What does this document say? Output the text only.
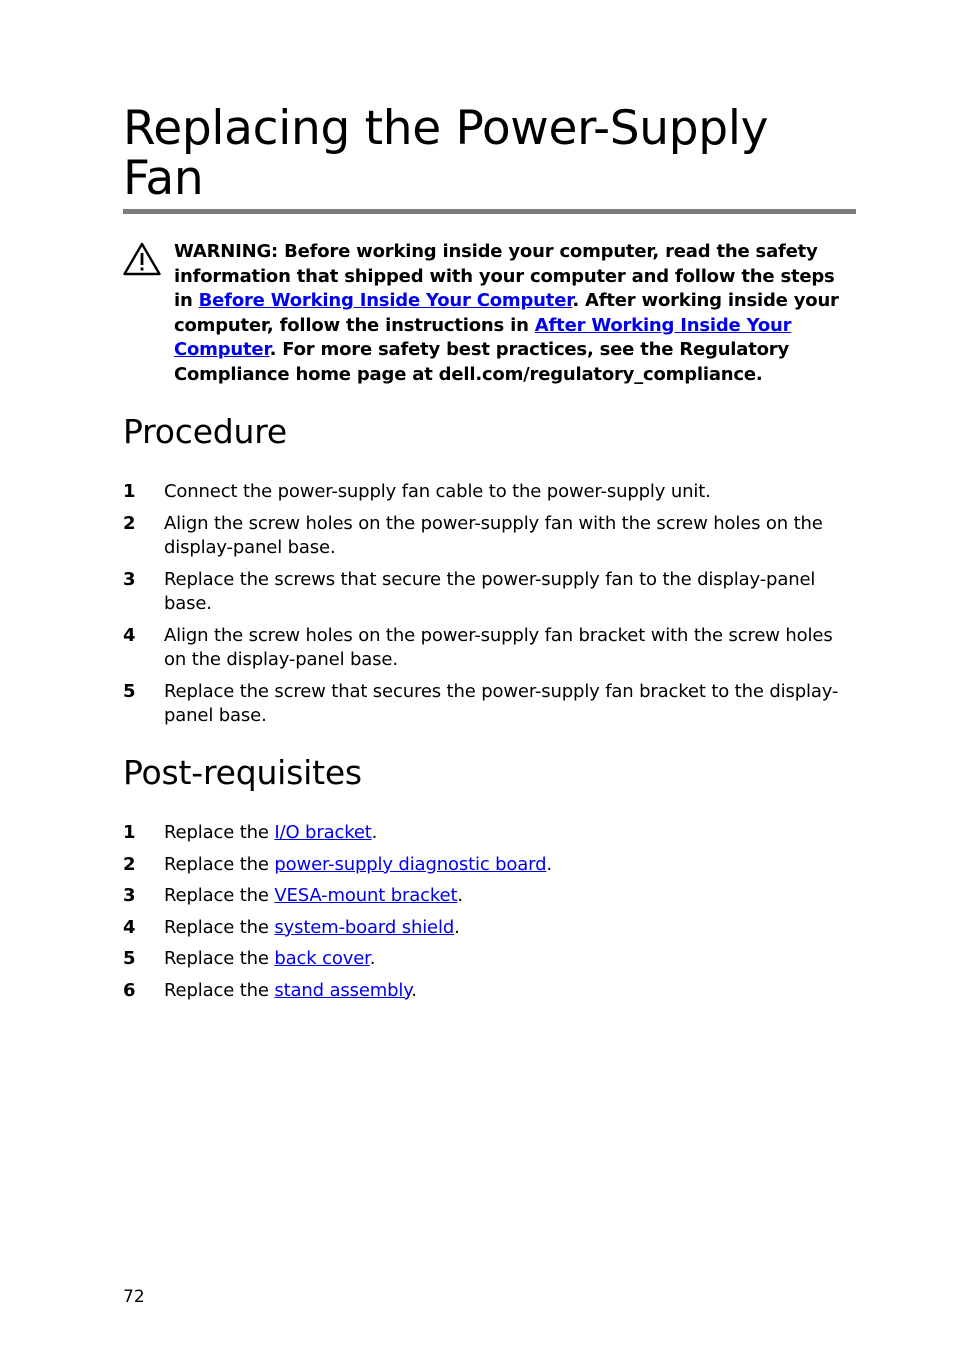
Replacing the Power-Supply Fan
WARNING: Before working inside your computer, read the safety information that shipped with your computer and follow the steps in Before Working Inside Your Computer. After working inside your computer, follow the instructions in After Working Inside Your Computer. For more safety best practices, see the Regulatory Compliance home page at dell.com/regulatory_compliance.
Procedure
1 Connect the power-supply fan cable to the power-supply unit.
2 Align the screw holes on the power-supply fan with the screw holes on the display-panel base.
3 Replace the screws that secure the power-supply fan to the display-panel base.
4 Align the screw holes on the power-supply fan bracket with the screw holes on the display-panel base.
5 Replace the screw that secures the power-supply fan bracket to the display-panel base.
Post-requisites
1 Replace the I/O bracket.
2 Replace the power-supply diagnostic board.
3 Replace the VESA-mount bracket.
4 Replace the system-board shield.
5 Replace the back cover.
6 Replace the stand assembly.
72
